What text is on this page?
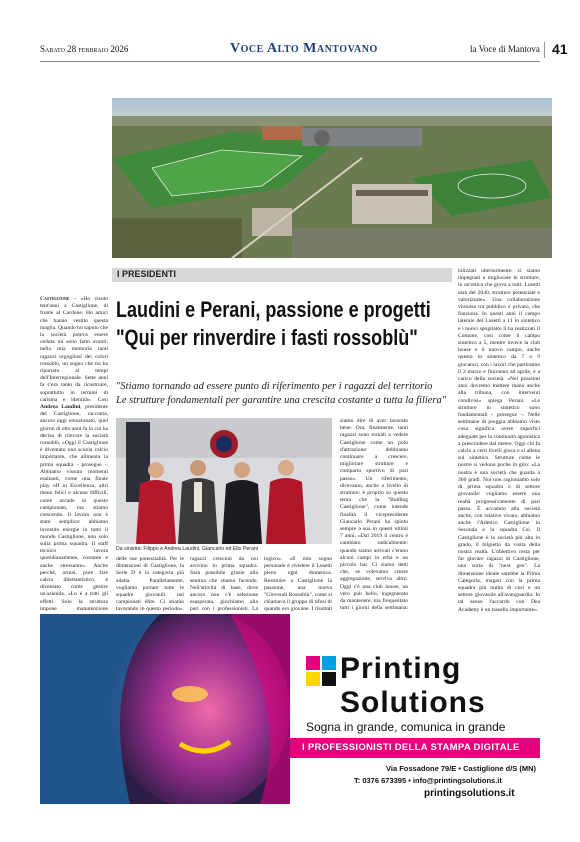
Sabato 28 febbraio 2026	Voce Alto Mantovano	la Voce di Mantova 41
I PRESIDENTI
Castiglione – «Ho visuto tent'anni a Castiglione, di fronte al Cardone. Ho amici che hanno vestito questa maglia. Quando ho saputo che la società poteva essere ceduta mi sono fatto avanti: nella mia memoria tanti ragazzi orgogliosi dei colori rossoblù, un sogno che mi ha riportato ai tempi dell'Interregionale. Sette anni fa c'era tanto da ricostruire, soprattutto in termini di carisma e identità». Così Andrea Laudini, presidente del Castiglione, racconta, ancora oggi emozionato, quel giorno di otto anni fa in cui ha deciso di rilevare la società rossoblù. «Oggi il Castiglione è diventato una scuola calcio importante, che alimenta la prima squadra - prosegue -. Abbiamo vissuto momenti esaltanti, come una finale play off in Eccellenza, altri meno felici e alcune difficili, come accade in questo campionato, ma stiamo crescendo. Il lavoro non è stato semplice: abbiamo investito energie in tutto il mondo Castiglione, non solo sulla prima squadra. Il staff tecnico lavora quotidianamente, costante e anche stressante». Anche perché, ormai, pure fare calcio dilettantistico, è diventato come gestire un'azienda. «Lo è a tutti gli effetti. Solo la struttura impone manutenzione
Laudini e Perani, passione e progetti
"Qui per rinverdire i fasti rossoblù"
"Stiamo tornando ad essere punto di riferimento per i ragazzi del territorio
Le strutture fondamentali per garantire una crescita costante a tutta la filiera"
Da sinistra: Filippo e Andrea Laudini, Giancarlo ed Elio Perani
delle sue potenzialità. Per le dimensioni di Castiglione, la Serie D è la categoria più adatta. Parallelamente, vogliamo portare tutte le squadre giovanili nei campionati élite. Ci stiamo lavorando in questo periodo».
ragazzi cresciuti da noi arrivino in prima squadra. Sarà possibile grazie alla semina che stiamo facendo. Nell'attività di base, dove ancora non c'è selezione esasperata, giochiamo alla pari con i professionisti. La
logico». «Il mio sogno personale è rivedere il Lusetti pieno ogni domenica. Restituire a Castiglione la passione, una nuova "Giovendi Rossoblù", come si chiamava il gruppo di tifosi di quando ero giovane. I risultati
siamo dire di aver lavorato bene. Ora, finalmente, tanti ragazzi sono tornati a vedere Castiglione come un polo d'attrazione: dobbiamo continuare a crescere, migliorare strutture e comparto sportivo di pari passo». Un riferimento, dicevamo, anche a livello di strutture: è proprio su questo tema che la "Bolding Castiglione", come intende finalità il vicepresidente Giancarlo Perani ha spinto sempre a sua in questi ultimi 7 anni. «Dal 2019 il centro è cambiato radicalmente: quando siamo arrivati c'erano alcuni campi in erba e un piccolo bar. Ci siamo detti che, se volevamo creare aggregazione, serviva altro. Oggi c'è una club house, un vero pub bello, ingegnerato da mantenere, ma frequentato tutti i giorni della settimana:
bilizzati ulteriormente: ci siamo impegnati a migliorare le strutture, in un'ottica che giova a tutti: Lusetti sarà del 2040, strutture potenziate e valorizzate». Una collaborazione virtuosa tra pubblico e privato, che funziona. In questi anni il campo laterale del Lusetti a 11 in sintetico e i nuovi spogliatoi li ha realizzati il Comune, così come il campo sintetico a 5, mentre invece la club house e il nuovo campo, anche questo in sintetico da 7 o 9 giocatori, con i lavori che partiranno il 2 marzo e finiranno ad aprile, è a carico della società. «Nei prossimi anni dovremo mettere mano anche alla tribuna, con interventi condivisi» spiega Perani. «Le strutture in sintetico sono fondamentali - prosegue -. Nelle settimane di pioggia abbiamo visto cosa significa avere superfici adeguate per la continuità agonistica a prescindere dal meteo. Oggi chi fa calcio a certi livelli gioca e si allena sul sintetico. Strutture come le nostre si vedono poche in giro: «La nostra è una società che guarda a 360 gradi. Noi non ragioniamo solo di prima squadra o di settore giovanile: vogliamo essere una realtà progressivamente di pari passo. È accaduto alla società anche, con relativo vivaio, abbiamo anche l'Atletico Castiglione in Seconda e la squadra Csi. Il Castiglione è la società più alta in grado, il bilgietto da visita della nostra realtà. L'obiettivo resta per far giocare ragazzi di Castiglione, una sorta di "next gen". La dimensione ideale sarebbe la Prima Categoria, magari con la prima squadra più nutita di così e un settore giovanile all'avanguardia. In tal senso l'accordo con Dea Academy è un tassello importante».
Printing
Solutions
Sogna in grande, comunica in grande
I PROFESSIONISTI DELLA STAMPA DIGITALE
Via Fossadone 79/E • Castiglione d/S (MN)
T: 0376 673395 • info@printingsolutions.it
printingsolutions.it
